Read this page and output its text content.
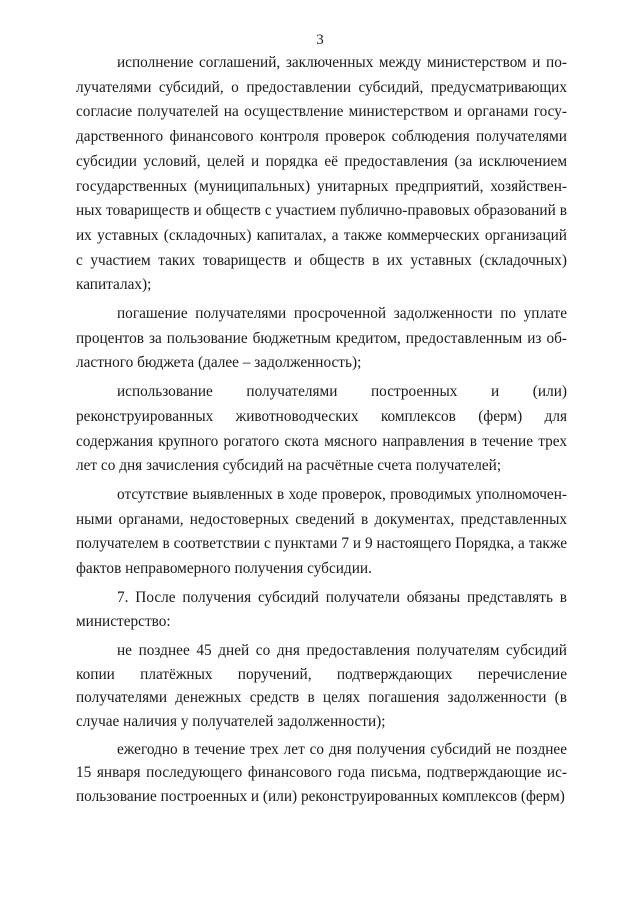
3

исполнение соглашений, заключенных между министерством и получателями субсидий, о предоставлении субсидий, предусматривающих согласие получателей на осуществление министерством и органами государственного финансового контроля проверок соблюдения получателями субсидии условий, целей и порядка её предоставления (за исключением государственных (муниципальных) унитарных предприятий, хозяйственных товариществ и обществ с участием публично-правовых образований в их уставных (складочных) капиталах, а также коммерческих организаций с участием таких товариществ и обществ в их уставных (складочных) капиталах);

погашение получателями просроченной задолженности по уплате процентов за пользование бюджетным кредитом, предоставленным из областного бюджета (далее – задолженность);

использование получателями построенных и (или) реконструированных животноводческих комплексов (ферм) для содержания крупного рогатого скота мясного направления в течение трех лет со дня зачисления субсидий на расчётные счета получателей;

отсутствие выявленных в ходе проверок, проводимых уполномоченными органами, недостоверных сведений в документах, представленных получателем в соответствии с пунктами 7 и 9 настоящего Порядка, а также фактов неправомерного получения субсидии.

7. После получения субсидий получатели обязаны представлять в министерство:

не позднее 45 дней со дня предоставления получателям субсидий копии платёжных поручений, подтверждающих перечисление получателями денежных средств в целях погашения задолженности (в случае наличия у получателей задолженности);

ежегодно в течение трех лет со дня получения субсидий не позднее 15 января последующего финансового года письма, подтверждающие использование построенных и (или) реконструированных комплексов (ферм)
